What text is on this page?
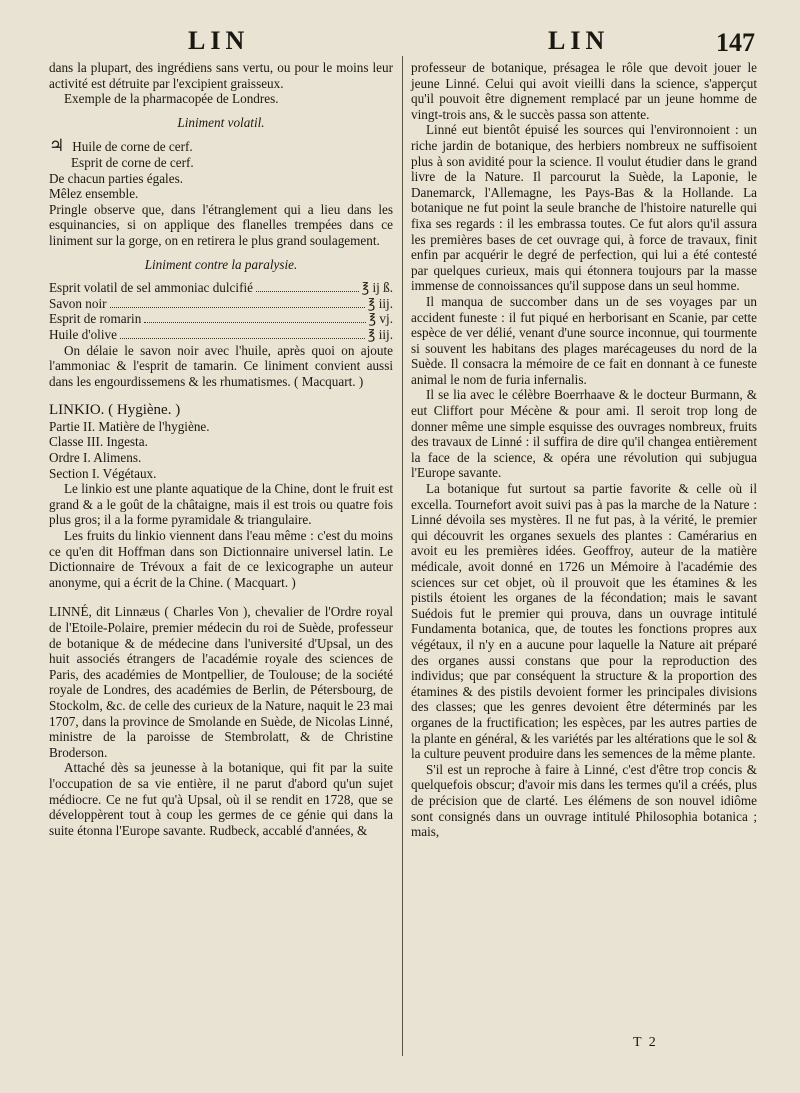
LIN	LIN	147

dans la plupart, des ingrédiens sans vertu, ou pour le moins leur activité est détruite par l'excipient graisseux.

Exemple de la pharmacopée de Londres.

Liniment volatil.

♃ Huile de corne de cerf.

Esprit de corne de cerf.

De chacun parties égales.

Mêlez ensemble.

Pringle observe que, dans l'étranglement qui a lieu dans les esquinancies, si on applique des flanelles trempées dans ce liniment sur la gorge, on en retirera le plus grand soulagement.

Liniment contre la paralysie.

Esprit volatil de sel ammoniac dulcifié	℥ ij ß.
Savon noir	℥ iij.
Esprit de romarin	℥ vj.
Huile d'olive	℥ iij.

On délaie le savon noir avec l'huile, après quoi on ajoute l'ammoniac & l'esprit de tamarin. Ce liniment convient aussi dans les engourdissemens & les rhumatismes. ( Macquart. )

LINKIO. ( Hygiène. )

Partie II. Matière de l'hygiène.

Classe III. Ingesta.

Ordre I. Alimens.

Section I. Végétaux.

Le linkio est une plante aquatique de la Chine, dont le fruit est grand & a le goût de la châtaigne, mais il est trois ou quatre fois plus gros; il a la forme pyramidale & triangulaire.

Les fruits du linkio viennent dans l'eau même : c'est du moins ce qu'en dit Hoffman dans son Dictionnaire universel latin. Le Dictionnaire de Trévoux a fait de ce lexicographe un auteur anonyme, qui a écrit de la Chine. ( Macquart. )

LINNÉ, dit Linnæus ( Charles Von ), chevalier de l'Ordre royal de l'Etoile-Polaire, premier médecin du roi de Suède, professeur de botanique & de médecine dans l'université d'Upsal, un des huit associés étrangers de l'académie royale des sciences de Paris, des académies de Montpellier, de Toulouse; de la société royale de Londres, des académies de Berlin, de Pétersbourg, de Stockolm, &c. de celle des curieux de la Nature, naquit le 23 mai 1707, dans la province de Smolande en Suède, de Nicolas Linné, ministre de la paroisse de Stembrolatt, & de Christine Broderson.

Attaché dès sa jeunesse à la botanique, qui fit par la suite l'occupation de sa vie entière, il ne parut d'abord qu'un sujet médiocre. Ce ne fut qu'à Upsal, où il se rendit en 1728, que se développèrent tout à coup les germes de ce génie qui dans la suite étonna l'Europe savante. Rudbeck, accablé d'années, &

professeur de botanique, présagea le rôle que devoit jouer le jeune Linné. Celui qui avoit vieilli dans la science, s'apperçut qu'il pouvoit être dignement remplacé par un jeune homme de vingt-trois ans, & le succès passa son attente.

Linné eut bientôt épuisé les sources qui l'environnoient : un riche jardin de botanique, des herbiers nombreux ne suffisoient plus à son avidité pour la science. Il voulut étudier dans le grand livre de la Nature. Il parcourut la Suède, la Laponie, le Danemarck, l'Allemagne, les Pays-Bas & la Hollande. La botanique ne fut point la seule branche de l'histoire naturelle qui fixa ses regards : il les embrassa toutes. Ce fut alors qu'il assura les premières bases de cet ouvrage qui, à force de travaux, finit enfin par acquérir le degré de perfection, qui lui a été contesté par quelques curieux, mais qui étonnera toujours par la masse immense de connoissances qu'il suppose dans un seul homme.

Il manqua de succomber dans un de ses voyages par un accident funeste : il fut piqué en herborisant en Scanie, par cette espèce de ver délié, venant d'une source inconnue, qui tourmente si souvent les habitans des plages marécageuses du nord de la Suède. Il consacra la mémoire de ce fait en donnant à ce funeste animal le nom de furia infernalis.

Il se lia avec le célèbre Boerrhaave & le docteur Burmann, & eut Cliffort pour Mécène & pour ami. Il seroit trop long de donner même une simple esquisse des ouvrages nombreux, fruits des travaux de Linné : il suffira de dire qu'il changea entièrement la face de la science, & opéra une révolution qui subjugua l'Europe savante.

La botanique fut surtout sa partie favorite & celle où il excella. Tournefort avoit suivi pas à pas la marche de la Nature : Linné dévoila ses mystères. Il ne fut pas, à la vérité, le premier qui découvrit les organes sexuels des plantes : Camérarius en avoit eu les premières idées. Geoffroy, auteur de la matière médicale, avoit donné en 1726 un Mémoire à l'académie des sciences sur cet objet, où il prouvoit que les étamines & les pistils étoient les organes de la fécondation; mais le savant Suédois fut le premier qui prouva, dans un ouvrage intitulé Fundamenta botanica, que, de toutes les fonctions propres aux végétaux, il n'y en a aucune pour laquelle la Nature ait préparé des organes aussi constans que pour la reproduction des individus; que par conséquent la structure & la proportion des étamines & des pistils devoient former les principales divisions des classes; que les genres devoient être déterminés par les organes de la fructification; les espèces, par les autres parties de la plante en général, & les variétés par les altérations que le sol & la culture peuvent produire dans les semences de la même plante.

S'il est un reproche à faire à Linné, c'est d'être trop concis & quelquefois obscur; d'avoir mis dans les termes qu'il a créés, plus de précision que de clarté. Les élémens de son nouvel idiôme sont consignés dans un ouvrage intitulé Philosophia botanica ; mais,

T 2
